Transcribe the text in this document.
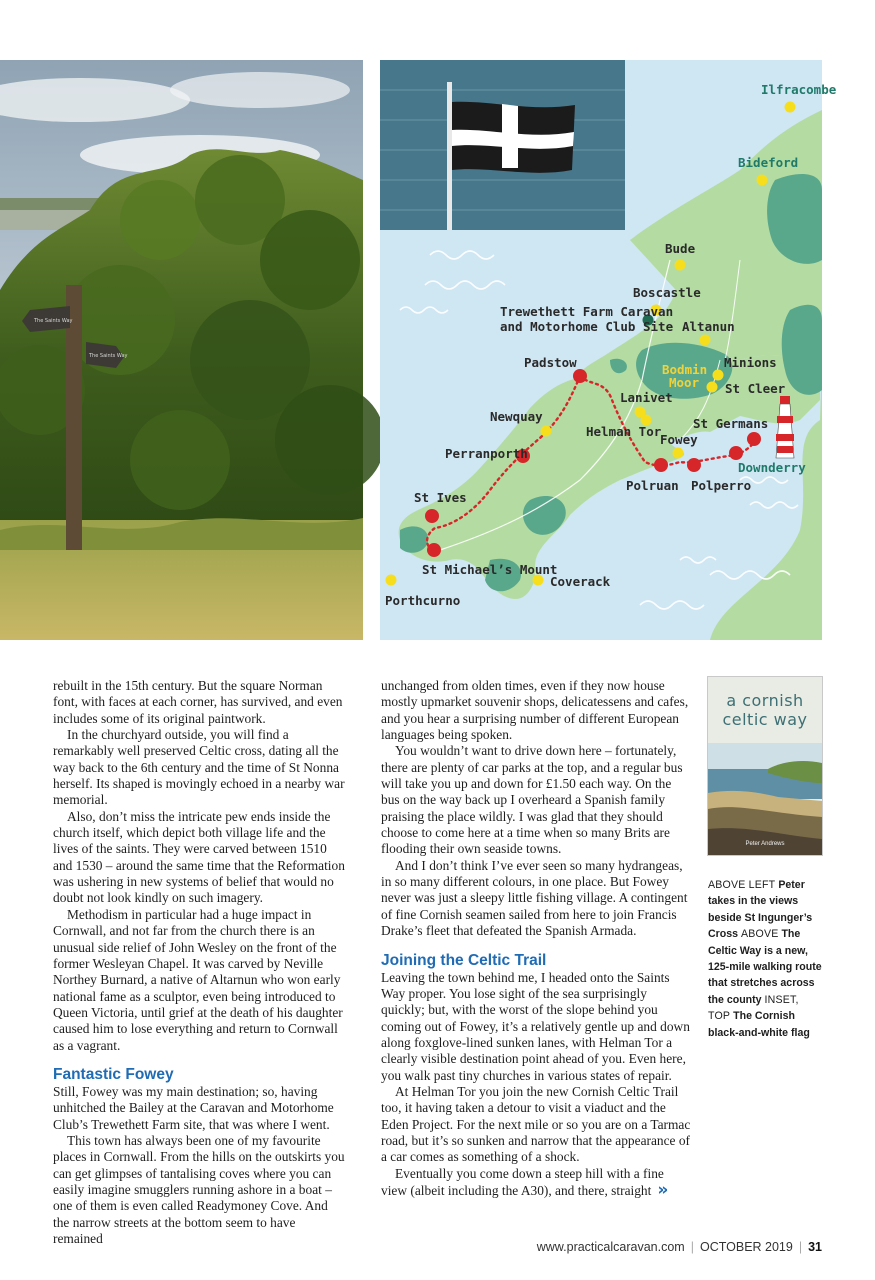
The Saints Way
The Saints Way
Ilfracombe
Bideford
Bude
Boscastle
Trewethett Farm Caravan
and Motorhome Club Site Altanun
Padstow	Bodmin
Moor
Minions
St Cleer
Lanivet
Newquay
Helman Tor
St Germans
Fowey
Perranporth
Downderry
Polruan Polperro
St Ives
St Michael’s Mount
Coverack
Porthcurno

rebuilt in the 15th century. But the square Norman font, with faces at each corner, has survived, and even includes some of its original paintwork.

In the churchyard outside, you will find a remarkably well preserved Celtic cross, dating all the way back to the 6th century and the time of St Nonna herself. Its shaped is movingly echoed in a nearby war memorial.

Also, don’t miss the intricate pew ends inside the church itself, which depict both village life and the lives of the saints. They were carved between 1510 and 1530 – around the same time that the Reformation was ushering in new systems of belief that would no doubt not look kindly on such imagery.

Methodism in particular had a huge impact in Cornwall, and not far from the church there is an unusual side relief of John Wesley on the front of the former Wesleyan Chapel. It was carved by Neville Northey Burnard, a native of Altarnun who won early national fame as a sculptor, even being introduced to Queen Victoria, until grief at the death of his daughter caused him to lose everything and return to Cornwall as a vagrant.

Fantastic Fowey

Still, Fowey was my main destination; so, having unhitched the Bailey at the Caravan and Motorhome Club’s Trewethett Farm site, that was where I went.

This town has always been one of my favourite places in Cornwall. From the hills on the outskirts you can get glimpses of tantalising coves where you can easily imagine smugglers running ashore in a boat – one of them is even called Readymoney Cove. And the narrow streets at the bottom seem to have remained

unchanged from olden times, even if they now house mostly upmarket souvenir shops, delicatessens and cafes, and you hear a surprising number of different European languages being spoken.

You wouldn’t want to drive down here – fortunately, there are plenty of car parks at the top, and a regular bus will take you up and down for £1.50 each way. On the bus on the way back up I overheard a Spanish family praising the place wildly. I was glad that they should choose to come here at a time when so many Brits are flooding their own seaside towns.

And I don’t think I’ve ever seen so many hydrangeas, in so many different colours, in one place. But Fowey never was just a sleepy little fishing village. A contingent of fine Cornish seamen sailed from here to join Francis Drake’s fleet that defeated the Spanish Armada.

Joining the Celtic Trail

Leaving the town behind me, I headed onto the Saints Way proper. You lose sight of the sea surprisingly quickly; but, with the worst of the slope behind you coming out of Fowey, it’s a relatively gentle up and down along foxglove-lined sunken lanes, with Helman Tor a clearly visible destination point ahead of you. Even here, you walk past tiny churches in various states of repair.

At Helman Tor you join the new Cornish Celtic Trail too, it having taken a detour to visit a viaduct and the Eden Project. For the next mile or so you are on a Tarmac road, but it’s so sunken and narrow that the appearance of a car comes as something of a shock.

Eventually you come down a steep hill with a fine view (albeit including the A30), and there, straight »

a cornish
celtic way
Peter Andrews
ABOVE LEFT Peter takes in the views beside St Ingunger’s Cross ABOVE The Celtic Way is a new, 125-mile walking route that stretches across the county INSET, TOP The Cornish black-and-white flag
www.practicalcaravan.com | OCTOBER 2019 | 31
